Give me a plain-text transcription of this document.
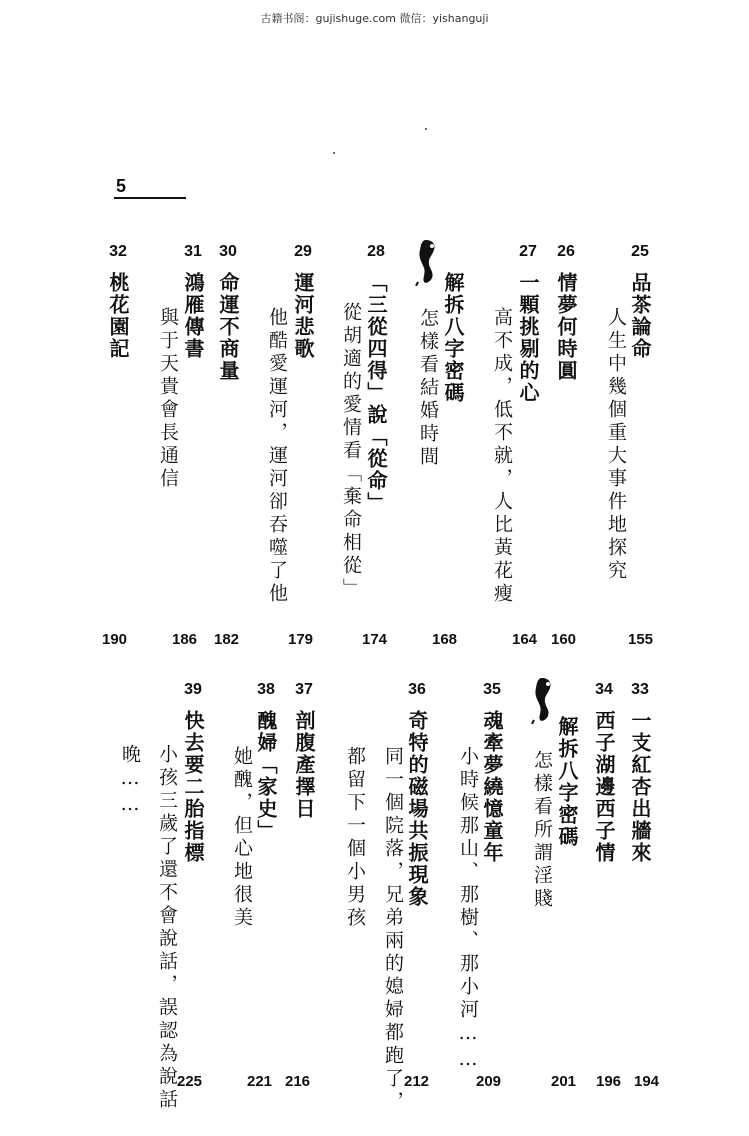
古籍书阁：gujishuge.com 微信：yishanguji
5
25
品茶論命
人生中幾個重大事件地探究
155
26
情夢何時圓
160
27
一顆挑剔的心
高不成，低不就，人比黃花瘦
164
解拆八字密碼
怎樣看結婚時間
168
28
「三從四得」說「從命」
從胡適的愛情看「棄命相從」
174
29
運河悲歌
他酷愛運河，運河卻吞噬了他
179
30
命運不商量
182
31
鴻雁傳書
與于天貴會長通信
186
32
桃花園記
190
33
一支紅杏出牆來
194
34
西子湖邊西子情
196
解拆八字密碼
怎樣看所謂淫賤
201
35
魂牽夢繞憶童年
小時候那山、那樹、那小河……
209
36
奇特的磁場共振現象
同一個院落，兄弟兩的媳婦都跑了，
都留下一個小男孩
212
37
剖腹產擇日
216
38
醜婦「家史」
她醜，但心地很美
221
39
快去要二胎指標
小孩三歲了還不會說話，誤認為說話
晚……
225
